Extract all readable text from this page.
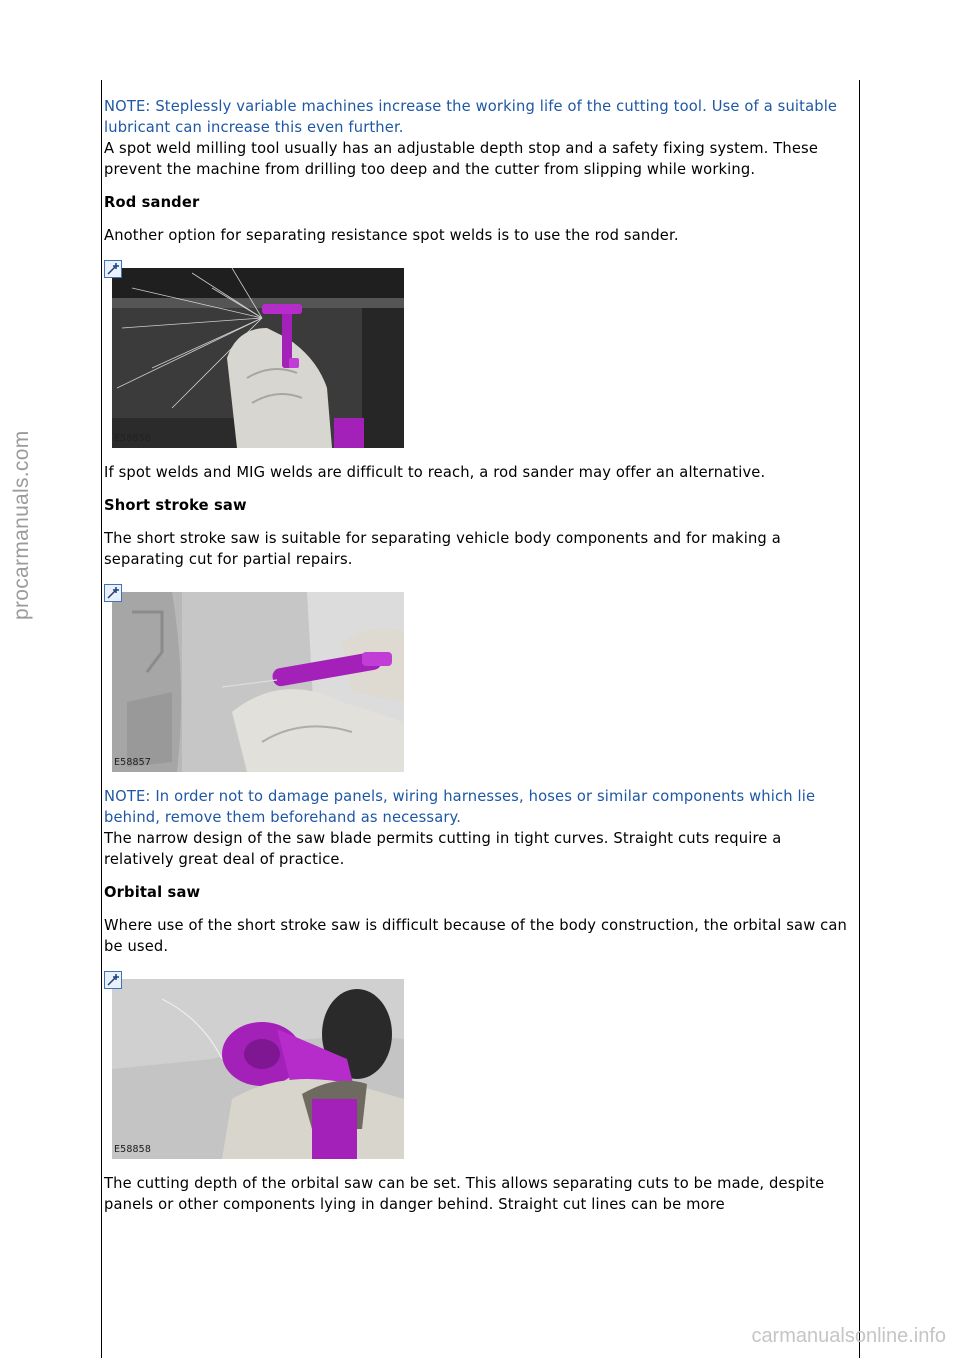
procarmanuals.com

NOTE: Steplessly variable machines increase the working life of the cutting tool. Use of a suitable lubricant can increase this even further.

A spot weld milling tool usually has an adjustable depth stop and a safety fixing system. These prevent the machine from drilling too deep and the cutter from slipping while working.

Rod sander

Another option for separating resistance spot welds is to use the rod sander.

E58856

If spot welds and MIG welds are difficult to reach, a rod sander may offer an alternative.

Short stroke saw

The short stroke saw is suitable for separating vehicle body components and for making a separating cut for partial repairs.

E58857

NOTE: In order not to damage panels, wiring harnesses, hoses or similar components which lie behind, remove them beforehand as necessary.

The narrow design of the saw blade permits cutting in tight curves. Straight cuts require a relatively great deal of practice.

Orbital saw

Where use of the short stroke saw is difficult because of the body construction, the orbital saw can be used.

E58858

The cutting depth of the orbital saw can be set. This allows separating cuts to be made, despite panels or other components lying in danger behind. Straight cut lines can be more

carmanualsonline.info
